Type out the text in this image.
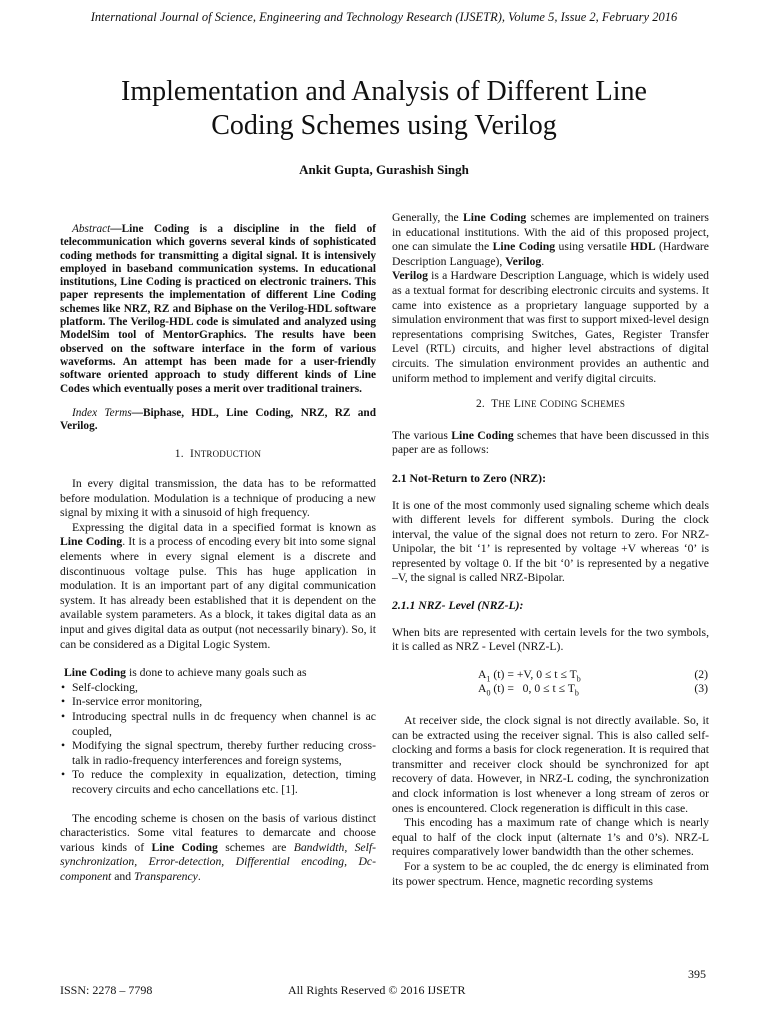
International Journal of Science, Engineering and Technology Research (IJSETR), Volume 5, Issue 2, February 2016
Implementation and Analysis of Different Line
Coding Schemes using Verilog
Ankit Gupta, Gurashish Singh

Abstract—Line Coding is a discipline in the field of telecommunication which governs several kinds of sophisticated coding methods for transmitting a digital signal. It is intensively employed in baseband communication systems. In educational institutions, Line Coding is practiced on electronic trainers. This paper represents the implementation of different Line Coding schemes like NRZ, RZ and Biphase on the Verilog-HDL software platform. The Verilog-HDL code is simulated and analyzed using ModelSim tool of MentorGraphics. The results have been observed on the software interface in the form of various waveforms. An attempt has been made for a user-friendly software oriented approach to study different kinds of Line Codes which eventually poses a merit over traditional trainers.

Index Terms—Biphase, HDL, Line Coding, NRZ, RZ and Verilog.

1. INTRODUCTION

In every digital transmission, the data has to be reformatted before modulation. Modulation is a technique of producing a new signal by mixing it with a sinusoid of high frequency.

Expressing the digital data in a specified format is known as Line Coding. It is a process of encoding every bit into some signal elements where in every signal element is a discrete and discontinuous voltage pulse. This has huge application in modulation. It is an important part of any digital communication system. It has already been established that it is dependent on the available system parameters. As a block, it takes digital data as an input and gives digital data as output (not necessarily binary). So, it can be considered as a Digital Logic System.

Line Coding is done to achieve many goals such as

• Self-clocking,
• In-service error monitoring,
• Introducing spectral nulls in dc frequency when channel is ac coupled,
• Modifying the signal spectrum, thereby further reducing cross-talk in radio-frequency interferences and foreign systems,
• To reduce the complexity in equalization, detection, timing recovery circuits and echo cancellations etc. [1].

The encoding scheme is chosen on the basis of various distinct characteristics. Some vital features to demarcate and choose various kinds of Line Coding schemes are Bandwidth, Self-synchronization, Error-detection, Differential encoding, Dc-component and Transparency.

Generally, the Line Coding schemes are implemented on trainers in educational institutions. With the aid of this proposed project, one can simulate the Line Coding using versatile HDL (Hardware Description Language), Verilog.

Verilog is a Hardware Description Language, which is widely used as a textual format for describing electronic circuits and systems. It came into existence as a proprietary language supported by a simulation environment that was first to support mixed-level design representations comprising Switches, Gates, Register Transfer Level (RTL) circuits, and higher level abstractions of digital circuits. The simulation environment provides an authentic and uniform method to implement and verify digital circuits.

2. THE LINE CODING SCHEMES

The various Line Coding schemes that have been discussed in this paper are as follows:

2.1 Not-Return to Zero (NRZ):

It is one of the most commonly used signaling scheme which deals with different levels for different symbols. During the clock interval, the value of the signal does not return to zero. For NRZ-Unipolar, the bit ‘1’ is represented by voltage +V whereas ‘0’ is represented by voltage 0. If the bit ‘0’ is represented by a negative –V, the signal is called NRZ-Bipolar.

2.1.1 NRZ- Level (NRZ-L):

When bits are represented with certain levels for the two symbols, it is called as NRZ - Level (NRZ-L).

$A_1$ (t) = +V, $0 \le t \le T_b$	(2)
$A_0$ (t) =   0, $0 \le t \le T_b$	(3)

At receiver side, the clock signal is not directly available. So, it can be extracted using the receiver signal. This is also called self-clocking and forms a basis for clock regeneration. It is required that transmitter and receiver clock should be synchronized for apt recovery of data. However, in NRZ-L coding, the synchronization and clock information is lost whenever a long stream of zeros or ones is encountered. Clock regeneration is difficult in this case.

This encoding has a maximum rate of change which is nearly equal to half of the clock input (alternate 1’s and 0’s). NRZ-L requires comparatively lower bandwidth than the other schemes.

For a system to be ac coupled, the dc energy is eliminated from its power spectrum. Hence, magnetic recording systems

395
ISSN: 2278 – 7798	All Rights Reserved © 2016 IJSETR
